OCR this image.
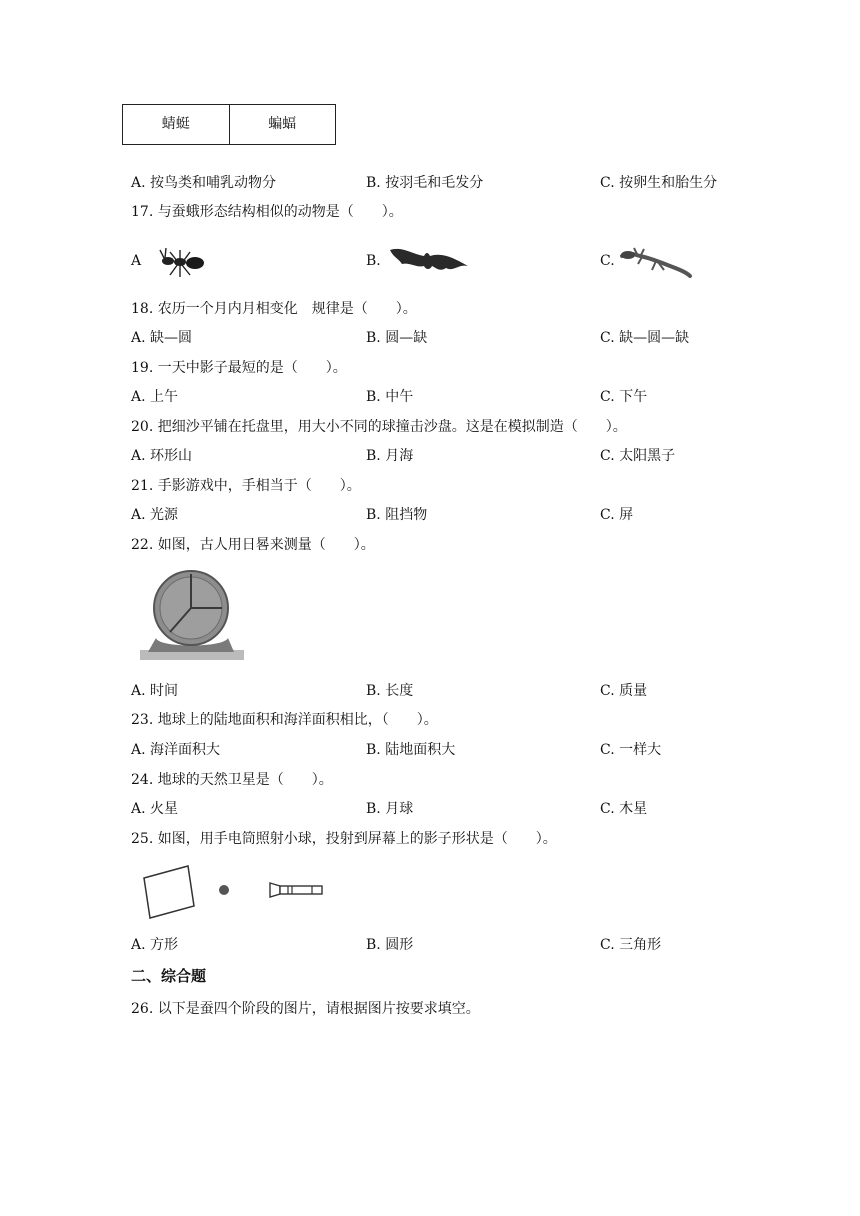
蜻蜓	蝙蝠
A. 按鸟类和哺乳动物分	B. 按羽毛和毛发分	C. 按卵生和胎生分
17. 与蚕蛾形态结构相似的动物是（　　）。
A	B.	C.
18. 农历一个月内月相变化　规律是（　　）。
A. 缺—圆	B. 圆—缺	C. 缺—圆—缺
19. 一天中影子最短的是（　　）。
A. 上午	B. 中午	C. 下午
20. 把细沙平铺在托盘里，用大小不同的球撞击沙盘。这是在模拟制造（　　）。
A. 环形山	B. 月海	C. 太阳黑子
21. 手影游戏中，手相当于（　　）。
A. 光源	B. 阻挡物	C. 屏
22. 如图，古人用日晷来测量（　　）。
A. 时间	B. 长度	C. 质量
23. 地球上的陆地面积和海洋面积相比，（　　）。
A. 海洋面积大	B. 陆地面积大	C. 一样大
24. 地球的天然卫星是（　　）。
A. 火星	B. 月球	C. 木星
25. 如图，用手电筒照射小球，投射到屏幕上的影子形状是（　　）。
A. 方形	B. 圆形	C. 三角形
二、综合题
26. 以下是蚕四个阶段的图片，请根据图片按要求填空。
